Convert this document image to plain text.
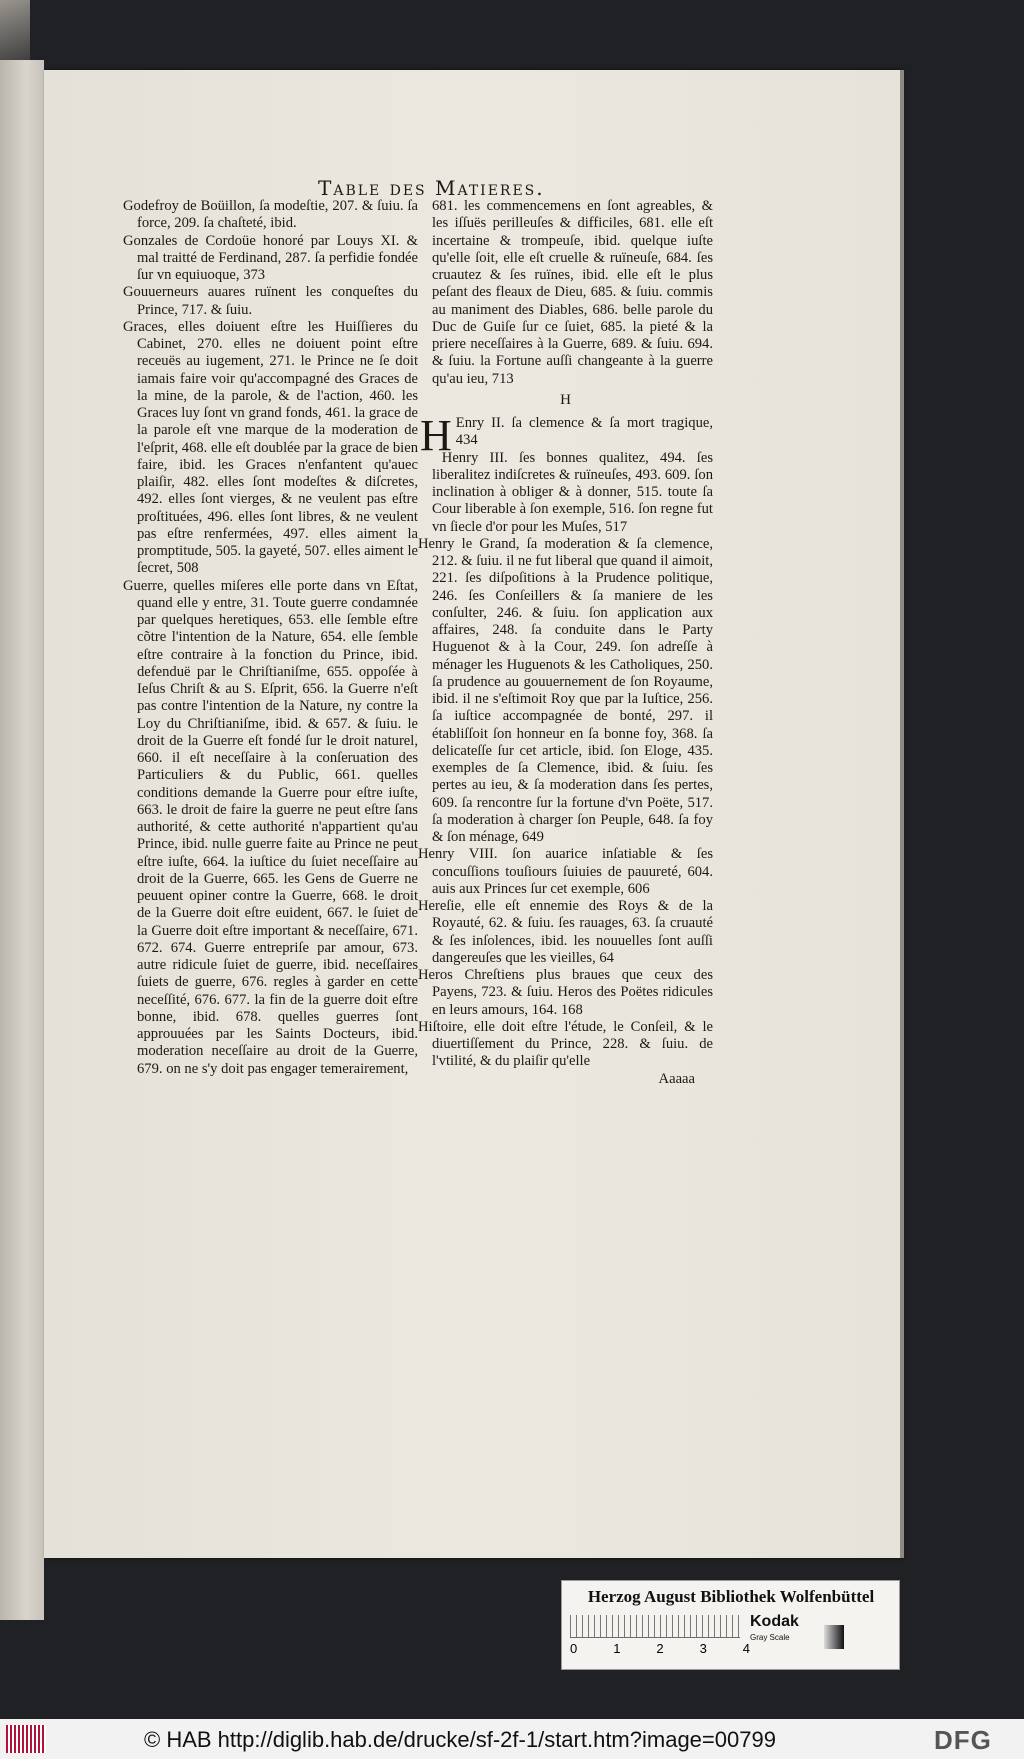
Table des Matieres.

Godefroy de Boüillon, ſa modeſtie, 207. & ſuiu. ſa force, 209. ſa chaſteté, ibid.

Gonzales de Cordoüe honoré par Louys XI. & mal traitté de Ferdinand, 287. ſa perfidie fondée ſur vn equiuoque, 373

Gouuerneurs auares ruïnent les conqueſtes du Prince, 717. & ſuiu.

Graces, elles doiuent eſtre les Huiſſieres du Cabinet, 270. elles ne doiuent point eſtre receuës au iugement, 271. le Prince ne ſe doit iamais faire voir qu'accompagné des Graces de la mine, de la parole, & de l'action, 460. les Graces luy ſont vn grand fonds, 461. la grace de la parole eſt vne marque de la moderation de l'eſprit, 468. elle eſt doublée par la grace de bien faire, ibid. les Graces n'enfantent qu'auec plaiſir, 482. elles ſont modeſtes & diſcretes, 492. elles ſont vierges, & ne veulent pas eſtre proſtituées, 496. elles ſont libres, & ne veulent pas eſtre renfermées, 497. elles aiment la promptitude, 505. la gayeté, 507. elles aiment le ſecret, 508

Guerre, quelles miſeres elle porte dans vn Eſtat, quand elle y entre, 31. Toute guerre condamnée par quelques heretiques, 653. elle ſemble eſtre cõtre l'intention de la Nature, 654. elle ſemble eſtre contraire à la fonction du Prince, ibid. defenduë par le Chriſtianiſme, 655. oppoſée à Ieſus Chriſt & au S. Eſprit, 656. la Guerre n'eſt pas contre l'intention de la Nature, ny contre la Loy du Chriſtianiſme, ibid. & 657. & ſuiu. le droit de la Guerre eſt fondé ſur le droit naturel, 660. il eſt neceſſaire à la conſeruation des Particuliers & du Public, 661. quelles conditions demande la Guerre pour eſtre iuſte, 663. le droit de faire la guerre ne peut eſtre ſans authorité, & cette authorité n'appartient qu'au Prince, ibid. nulle guerre faite au Prince ne peut eſtre iuſte, 664. la iuſtice du ſuiet neceſſaire au droit de la Guerre, 665. les Gens de Guerre ne peuuent opiner contre la Guerre, 668. le droit de la Guerre doit eſtre euident, 667. le ſuiet de la Guerre doit eſtre important & neceſſaire, 671. 672. 674. Guerre entrepriſe par amour, 673. autre ridicule ſuiet de guerre, ibid. neceſſaires ſuiets de guerre, 676. regles à garder en cette neceſſité, 676. 677. la fin de la guerre doit eſtre bonne, ibid. 678. quelles guerres ſont approuuées par les Saints Docteurs, ibid. moderation neceſſaire au droit de la Guerre, 679. on ne s'y doit pas engager temerairement,

681. les commencemens en ſont agreables, & les iſſuës perilleuſes & difficiles, 681. elle eſt incertaine & trompeuſe, ibid. quelque iuſte qu'elle ſoit, elle eſt cruelle & ruïneuſe, 684. ſes cruautez & ſes ruïnes, ibid. elle eſt le plus peſant des fleaux de Dieu, 685. & ſuiu. commis au maniment des Diables, 686. belle parole du Duc de Guiſe ſur ce ſuiet, 685. la pieté & la priere neceſſaires à la Guerre, 689. & ſuiu. 694. & ſuiu. la Fortune auſſi changeante à la guerre qu'au ieu, 713

H

H Enry II. ſa clemence & ſa mort tragique, 434

Henry III. ſes bonnes qualitez, 494. ſes liberalitez indiſcretes & ruïneuſes, 493. 609. ſon inclination à obliger & à donner, 515. toute ſa Cour liberable à ſon exemple, 516. ſon regne fut vn ſiecle d'or pour les Muſes, 517

Henry le Grand, ſa moderation & ſa clemence, 212. & ſuiu. il ne fut liberal que quand il aimoit, 221. ſes diſpoſitions à la Prudence politique, 246. ſes Conſeillers & ſa maniere de les conſulter, 246. & ſuiu. ſon application aux affaires, 248. ſa conduite dans le Party Huguenot & à la Cour, 249. ſon adreſſe à ménager les Huguenots & les Catholiques, 250. ſa prudence au gouuernement de ſon Royaume, ibid. il ne s'eſtimoit Roy que par la Iuſtice, 256. ſa iuſtice accompagnée de bonté, 297. il établiſſoit ſon honneur en ſa bonne foy, 368. ſa delicateſſe ſur cet article, ibid. ſon Eloge, 435. exemples de ſa Clemence, ibid. & ſuiu. ſes pertes au ieu, & ſa moderation dans ſes pertes, 609. ſa rencontre ſur la fortune d'vn Poëte, 517. ſa moderation à charger ſon Peuple, 648. ſa foy & ſon ménage, 649

Henry VIII. ſon auarice inſatiable & ſes concuſſions touſiours ſuiuies de pauureté, 604. auis aux Princes ſur cet exemple, 606

Hereſie, elle eſt ennemie des Roys & de la Royauté, 62. & ſuiu. ſes rauages, 63. ſa cruauté & ſes inſolences, ibid. les nouuelles ſont auſſi dangereuſes que les vieilles, 64

Heros Chreſtiens plus braues que ceux des Payens, 723. & ſuiu. Heros des Poëtes ridicules en leurs amours, 164. 168

Hiſtoire, elle doit eſtre l'étude, le Conſeil, & le diuertiſſement du Prince, 228. & ſuiu. de l'vtilité, & du plaiſir qu'elle

Aaaaa
Herzog August Bibliothek Wolfenbüttel
0	1	2	3	4
Kodak
Gray Scale
© HAB http://diglib.hab.de/drucke/sf-2f-1/start.htm?image=00799	DFG
